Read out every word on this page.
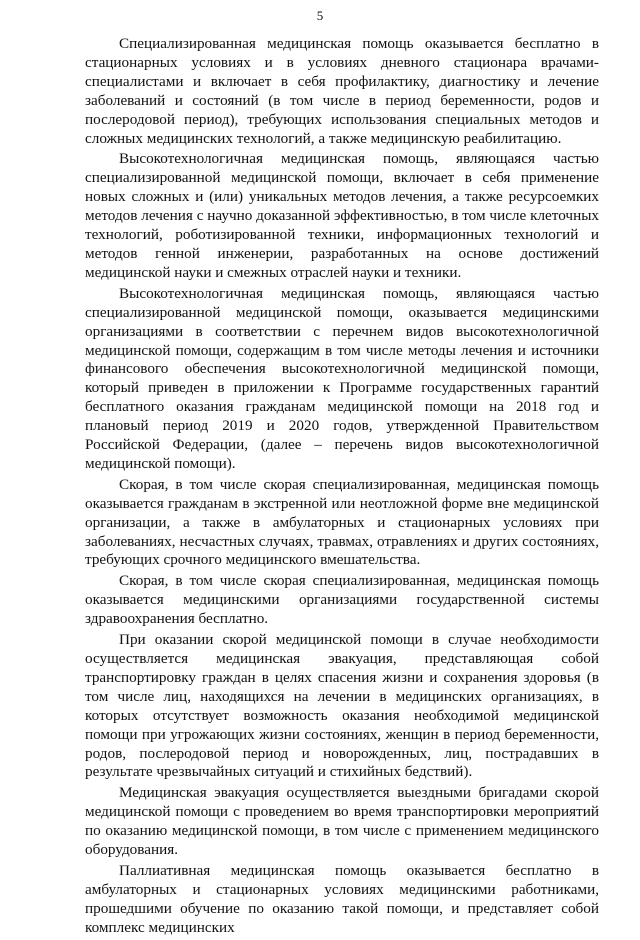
5

Специализированная медицинская помощь оказывается бесплатно в стационарных условиях и в условиях дневного стационара врачами-специалистами и включает в себя профилактику, диагностику и лечение заболеваний и состояний (в том числе в период беременности, родов и послеродовой период), требующих использования специальных методов и сложных медицинских технологий, а также медицинскую реабилитацию.

Высокотехнологичная медицинская помощь, являющаяся частью специализированной медицинской помощи, включает в себя применение новых сложных и (или) уникальных методов лечения, а также ресурсоемких методов лечения с научно доказанной эффективностью, в том числе клеточных технологий, роботизированной техники, информационных технологий и методов генной инженерии, разработанных на основе достижений медицинской науки и смежных отраслей науки и техники.

Высокотехнологичная медицинская помощь, являющаяся частью специализированной медицинской помощи, оказывается медицинскими организациями в соответствии с перечнем видов высокотехнологичной медицинской помощи, содержащим в том числе методы лечения и источники финансового обеспечения высокотехнологичной медицинской помощи, который приведен в приложении к Программе государственных гарантий бесплатного оказания гражданам медицинской помощи на 2018 год и плановый период 2019 и 2020 годов, утвержденной Правительством Российской Федерации, (далее – перечень видов высокотехнологичной медицинской помощи).

Скорая, в том числе скорая специализированная, медицинская помощь оказывается гражданам в экстренной или неотложной форме вне медицинской организации, а также в амбулаторных и стационарных условиях при заболеваниях, несчастных случаях, травмах, отравлениях и других состояниях, требующих срочного медицинского вмешательства.

Скорая, в том числе скорая специализированная, медицинская помощь оказывается медицинскими организациями государственной системы здравоохранения бесплатно.

При оказании скорой медицинской помощи в случае необходимости осуществляется медицинская эвакуация, представляющая собой транспортировку граждан в целях спасения жизни и сохранения здоровья (в том числе лиц, находящихся на лечении в медицинских организациях, в которых отсутствует возможность оказания необходимой медицинской помощи при угрожающих жизни состояниях, женщин в период беременности, родов, послеродовой период и новорожденных, лиц, пострадавших в результате чрезвычайных ситуаций и стихийных бедствий).

Медицинская эвакуация осуществляется выездными бригадами скорой медицинской помощи с проведением во время транспортировки мероприятий по оказанию медицинской помощи, в том числе с применением медицинского оборудования.

Паллиативная медицинская помощь оказывается бесплатно в амбулаторных и стационарных условиях медицинскими работниками, прошедшими обучение по оказанию такой помощи, и представляет собой комплекс медицинских
